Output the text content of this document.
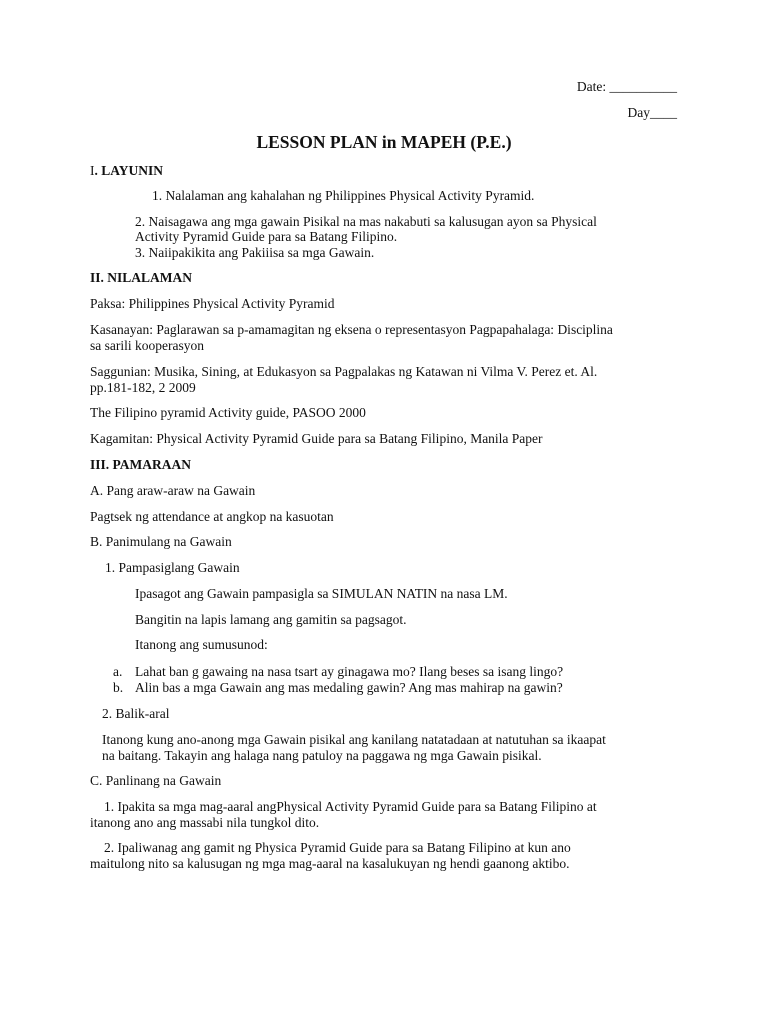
Date: __________
Day____
LESSON PLAN in MAPEH (P.E.)
I. LAYUNIN
1. Nalalaman ang kahalahan ng Philippines Physical Activity Pyramid.
2. Naisagawa ang mga gawain Pisikal na mas nakabuti sa kalusugan ayon sa Physical
Activity Pyramid Guide para sa Batang Filipino.
3. Naiipakikita ang Pakiiisa sa mga Gawain.
II. NILALAMAN
Paksa: Philippines Physical Activity Pyramid
Kasanayan: Paglarawan sa p-amamagitan ng eksena o representasyon Pagpapahalaga: Disciplina
sa sarili kooperasyon
Saggunian: Musika, Sining, at Edukasyon sa Pagpalakas ng Katawan ni Vilma V. Perez et. Al.
pp.181-182, 2 2009
The Filipino pyramid Activity guide, PASOO 2000
Kagamitan: Physical Activity Pyramid Guide para sa Batang Filipino, Manila Paper
III. PAMARAAN
A. Pang araw-araw na Gawain
Pagtsek ng attendance at angkop na kasuotan
B. Panimulang na Gawain
1. Pampasiglang Gawain
Ipasagot ang Gawain pampasigla sa SIMULAN NATIN na nasa LM.
Bangitin na lapis lamang ang gamitin sa pagsagot.
Itanong ang sumusunod:
a. Lahat ban g gawaing na nasa tsart ay ginagawa mo? Ilang beses sa isang lingo?
b. Alin bas a mga Gawain ang mas medaling gawin? Ang mas mahirap na gawin?
2. Balik-aral
Itanong kung ano-anong mga Gawain pisikal ang kanilang natatadaan at natutuhan sa ikaapat
na baitang. Takayin ang halaga nang patuloy na paggawa ng mga Gawain pisikal.
C. Panlinang na Gawain
1. Ipakita sa mga mag-aaral angPhysical Activity Pyramid Guide para sa Batang Filipino at
itanong ano ang massabi nila tungkol dito.
2. Ipaliwanag ang gamit ng Physica Pyramid Guide para sa Batang Filipino at kun ano
maitulong nito sa kalusugan ng mga mag-aaral na kasalukuyan ng hendi gaanong aktibo.
